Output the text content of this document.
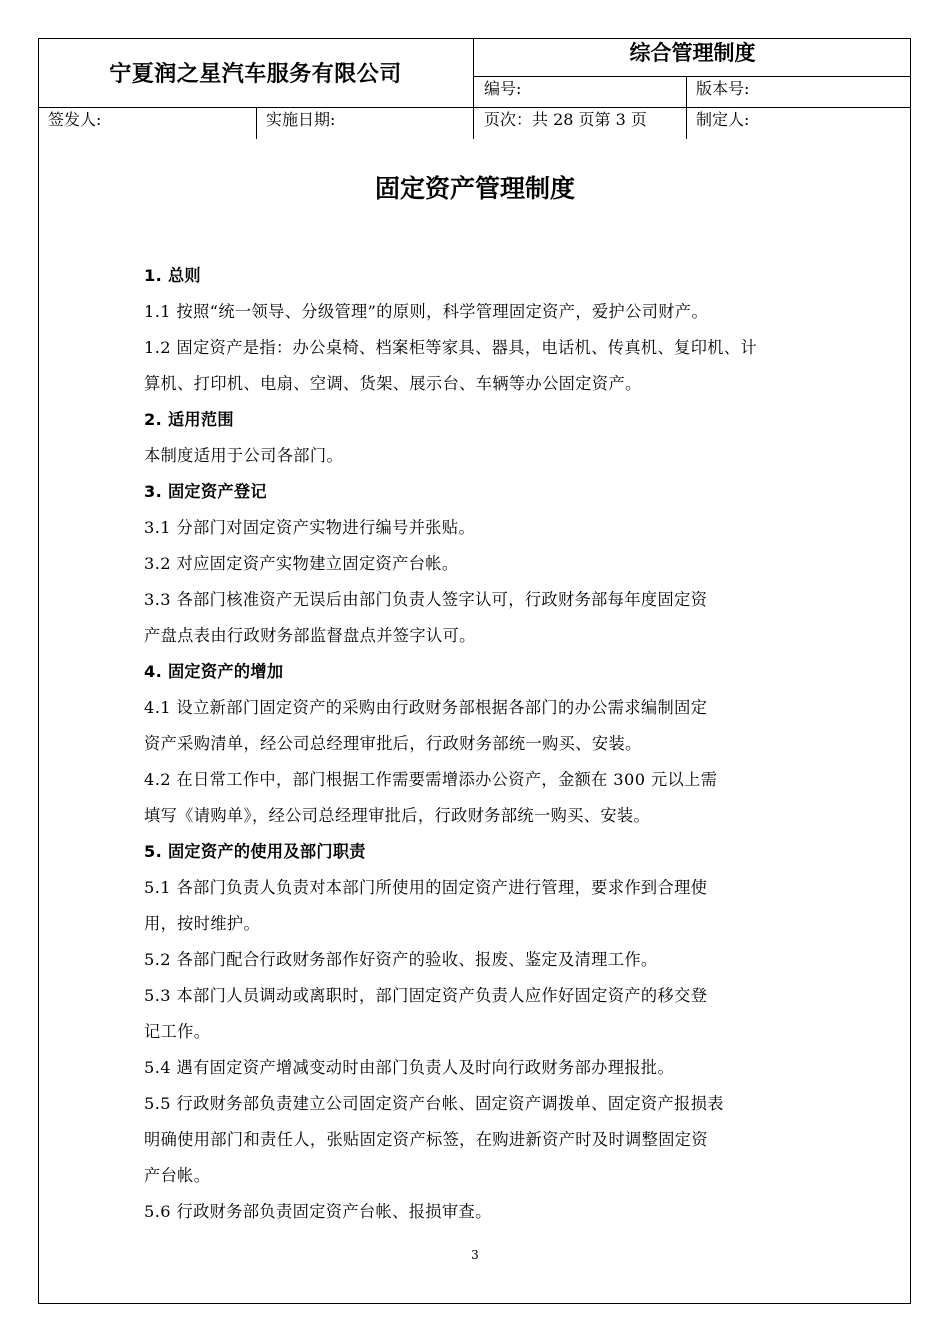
宁夏润之星汽车服务有限公司
综合管理制度
编号:	版本号:
签发人:	实施日期:	页次：共 28 页第 3 页	制定人:
固定资产管理制度

1. 总则

1.1 按照“统一领导、分级管理”的原则，科学管理固定资产，爱护公司财产。

1.2 固定资产是指：办公桌椅、档案柜等家具、器具，电话机、传真机、复印机、计

算机、打印机、电扇、空调、货架、展示台、车辆等办公固定资产。

2. 适用范围

本制度适用于公司各部门。

3. 固定资产登记

3.1 分部门对固定资产实物进行编号并张贴。

3.2 对应固定资产实物建立固定资产台帐。

3.3 各部门核准资产无误后由部门负责人签字认可，行政财务部每年度固定资

产盘点表由行政财务部监督盘点并签字认可。

4. 固定资产的增加

4.1 设立新部门固定资产的采购由行政财务部根据各部门的办公需求编制固定

资产采购清单，经公司总经理审批后，行政财务部统一购买、安装。

4.2 在日常工作中，部门根据工作需要需增添办公资产，金额在 300 元以上需

填写《请购单》，经公司总经理审批后，行政财务部统一购买、安装。

5. 固定资产的使用及部门职责

5.1 各部门负责人负责对本部门所使用的固定资产进行管理，要求作到合理使

用，按时维护。

5.2 各部门配合行政财务部作好资产的验收、报废、鉴定及清理工作。

5.3 本部门人员调动或离职时，部门固定资产负责人应作好固定资产的移交登

记工作。

5.4 遇有固定资产增减变动时由部门负责人及时向行政财务部办理报批。

5.5 行政财务部负责建立公司固定资产台帐、固定资产调拨单、固定资产报损表

明确使用部门和责任人，张贴固定资产标签，在购进新资产时及时调整固定资

产台帐。

5.6 行政财务部负责固定资产台帐、报损审查。

3
